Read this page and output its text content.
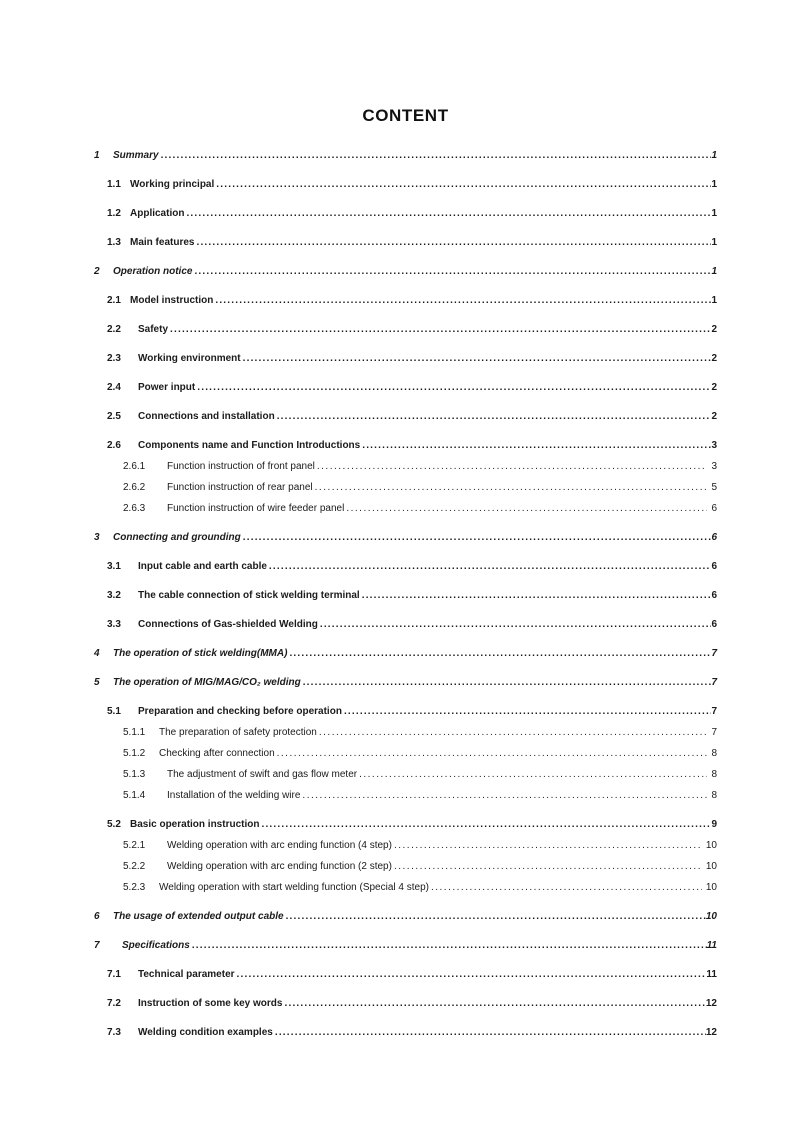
CONTENT
1	Summary .....	1
1.1 Working principal .....	1
1.2 Application .....	1
1.3 Main features .....	1
2	Operation notice .....	1
2.1 Model instruction .....	1
2.2	Safety .....	2
2.3	Working environment .....	2
2.4	Power input .....	2
2.5	Connections and installation .....	2
2.6	Components name and Function Introductions .....	3
2.6.1	Function instruction of front panel .....	3
2.6.2	Function instruction of rear panel .....	5
2.6.3	Function instruction of wire feeder panel .....	6
3	Connecting and grounding .....	6
3.1	Input cable and earth cable .....	6
3.2	The cable connection of stick welding terminal .....	6
3.3	Connections of Gas-shielded Welding .....	6
4	The operation of stick welding(MMA) .....	7
5	The operation of MIG/MAG/CO₂ welding .....	7
5.1	Preparation and checking before operation .....	7
5.1.1	The preparation of safety protection .....	7
5.1.2	Checking after connection .....	8
5.1.3	The adjustment of swift and gas flow meter .....	8
5.1.4	Installation of the welding wire .....	8
5.2 Basic operation instruction .....	9
5.2.1	Welding operation with arc ending function (4 step) .....	10
5.2.2	Welding operation with arc ending function (2 step) .....	10
5.2.3	Welding operation with start welding function (Special 4 step) .....	10
6	The usage of extended output cable .....	10
7	Specifications .....	11
7.1	Technical parameter .....	11
7.2	Instruction of some key words .....	12
7.3	Welding condition examples .....	12
